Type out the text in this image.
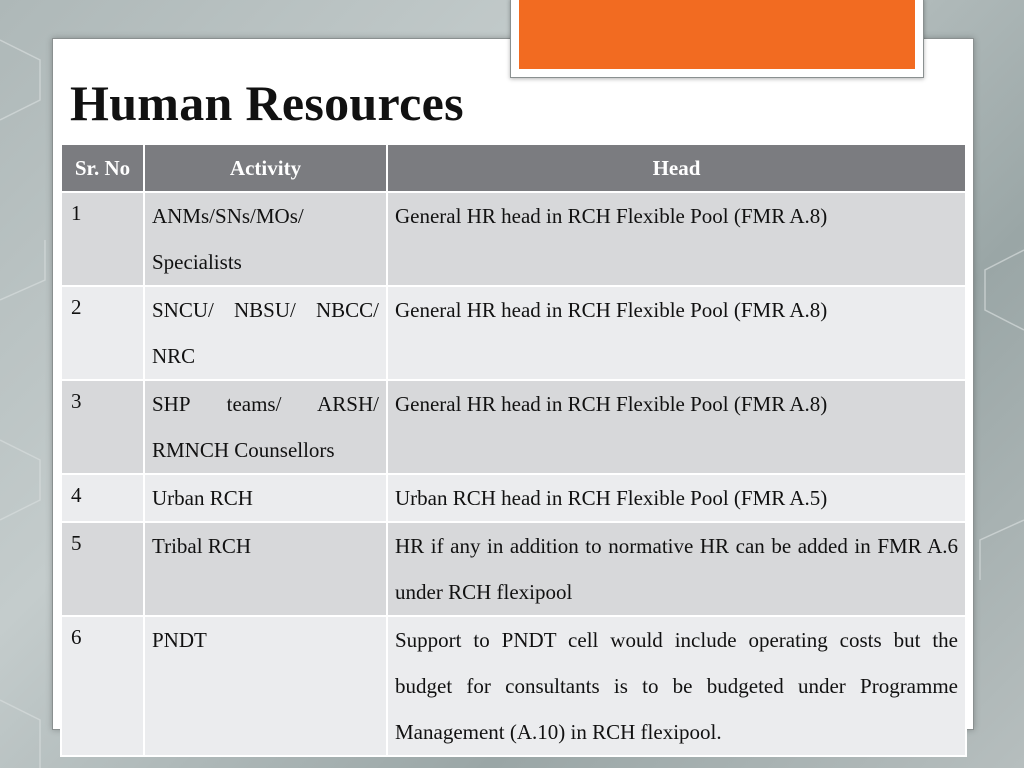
Human Resources
Sr. No	Activity	Head
1	ANMs/SNs/MOs/ Specialists	General HR head in RCH Flexible Pool (FMR A.8)
2	SNCU/ NBSU/ NBCC/ NRC	General HR head in RCH Flexible Pool (FMR A.8)
3	SHP teams/ ARSH/ RMNCH Counsellors	General HR head in RCH Flexible Pool (FMR A.8)
4	Urban RCH	Urban RCH head in RCH Flexible Pool (FMR A.5)
5	Tribal RCH	HR if any in addition to normative HR can be added in FMR A.6 under RCH flexipool
6	PNDT	Support to PNDT cell would include operating costs but the budget for consultants is to be budgeted under Programme Management (A.10) in RCH flexipool.
